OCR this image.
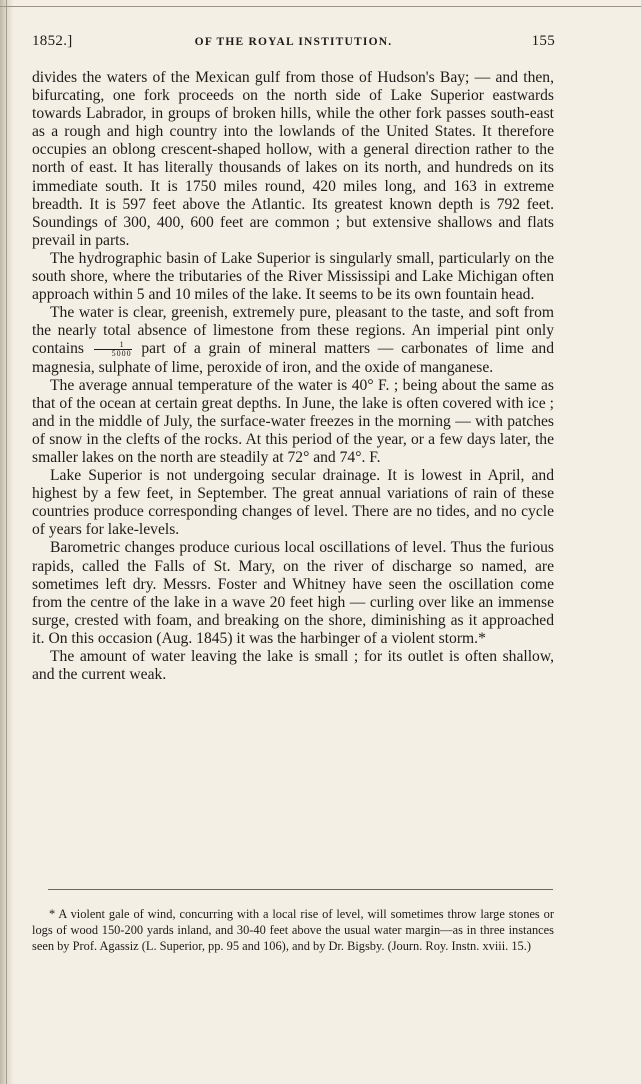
1852.]	OF THE ROYAL INSTITUTION.	155

divides the waters of the Mexican gulf from those of Hudson's Bay; — and then, bifurcating, one fork proceeds on the north side of Lake Superior eastwards towards Labrador, in groups of broken hills, while the other fork passes south-east as a rough and high country into the lowlands of the United States. It therefore occupies an oblong crescent-shaped hollow, with a general direction rather to the north of east. It has literally thousands of lakes on its north, and hundreds on its immediate south. It is 1750 miles round, 420 miles long, and 163 in extreme breadth. It is 597 feet above the Atlantic. Its greatest known depth is 792 feet. Soundings of 300, 400, 600 feet are common ; but extensive shallows and flats prevail in parts.

The hydrographic basin of Lake Superior is singularly small, particularly on the south shore, where the tributaries of the River Mississipi and Lake Michigan often approach within 5 and 10 miles of the lake. It seems to be its own fountain head.

The water is clear, greenish, extremely pure, pleasant to the taste, and soft from the nearly total absence of limestone from these regions. An imperial pint only contains $\frac{1}{5000}$ part of a grain of mineral matters — carbonates of lime and magnesia, sulphate of lime, peroxide of iron, and the oxide of manganese.

The average annual temperature of the water is 40° F. ; being about the same as that of the ocean at certain great depths. In June, the lake is often covered with ice ; and in the middle of July, the surface-water freezes in the morning — with patches of snow in the clefts of the rocks. At this period of the year, or a few days later, the smaller lakes on the north are steadily at 72° and 74°. F.

Lake Superior is not undergoing secular drainage. It is lowest in April, and highest by a few feet, in September. The great annual variations of rain of these countries produce corresponding changes of level. There are no tides, and no cycle of years for lake-levels.

Barometric changes produce curious local oscillations of level. Thus the furious rapids, called the Falls of St. Mary, on the river of discharge so named, are sometimes left dry. Messrs. Foster and Whitney have seen the oscillation come from the centre of the lake in a wave 20 feet high — curling over like an immense surge, crested with foam, and breaking on the shore, diminishing as it approached it. On this occasion (Aug. 1845) it was the harbinger of a violent storm.*

The amount of water leaving the lake is small ; for its outlet is often shallow, and the current weak.

* A violent gale of wind, concurring with a local rise of level, will sometimes throw large stones or logs of wood 150-200 yards inland, and 30-40 feet above the usual water margin—as in three instances seen by Prof. Agassiz (L. Superior, pp. 95 and 106), and by Dr. Bigsby. (Journ. Roy. Instn. xviii. 15.)
